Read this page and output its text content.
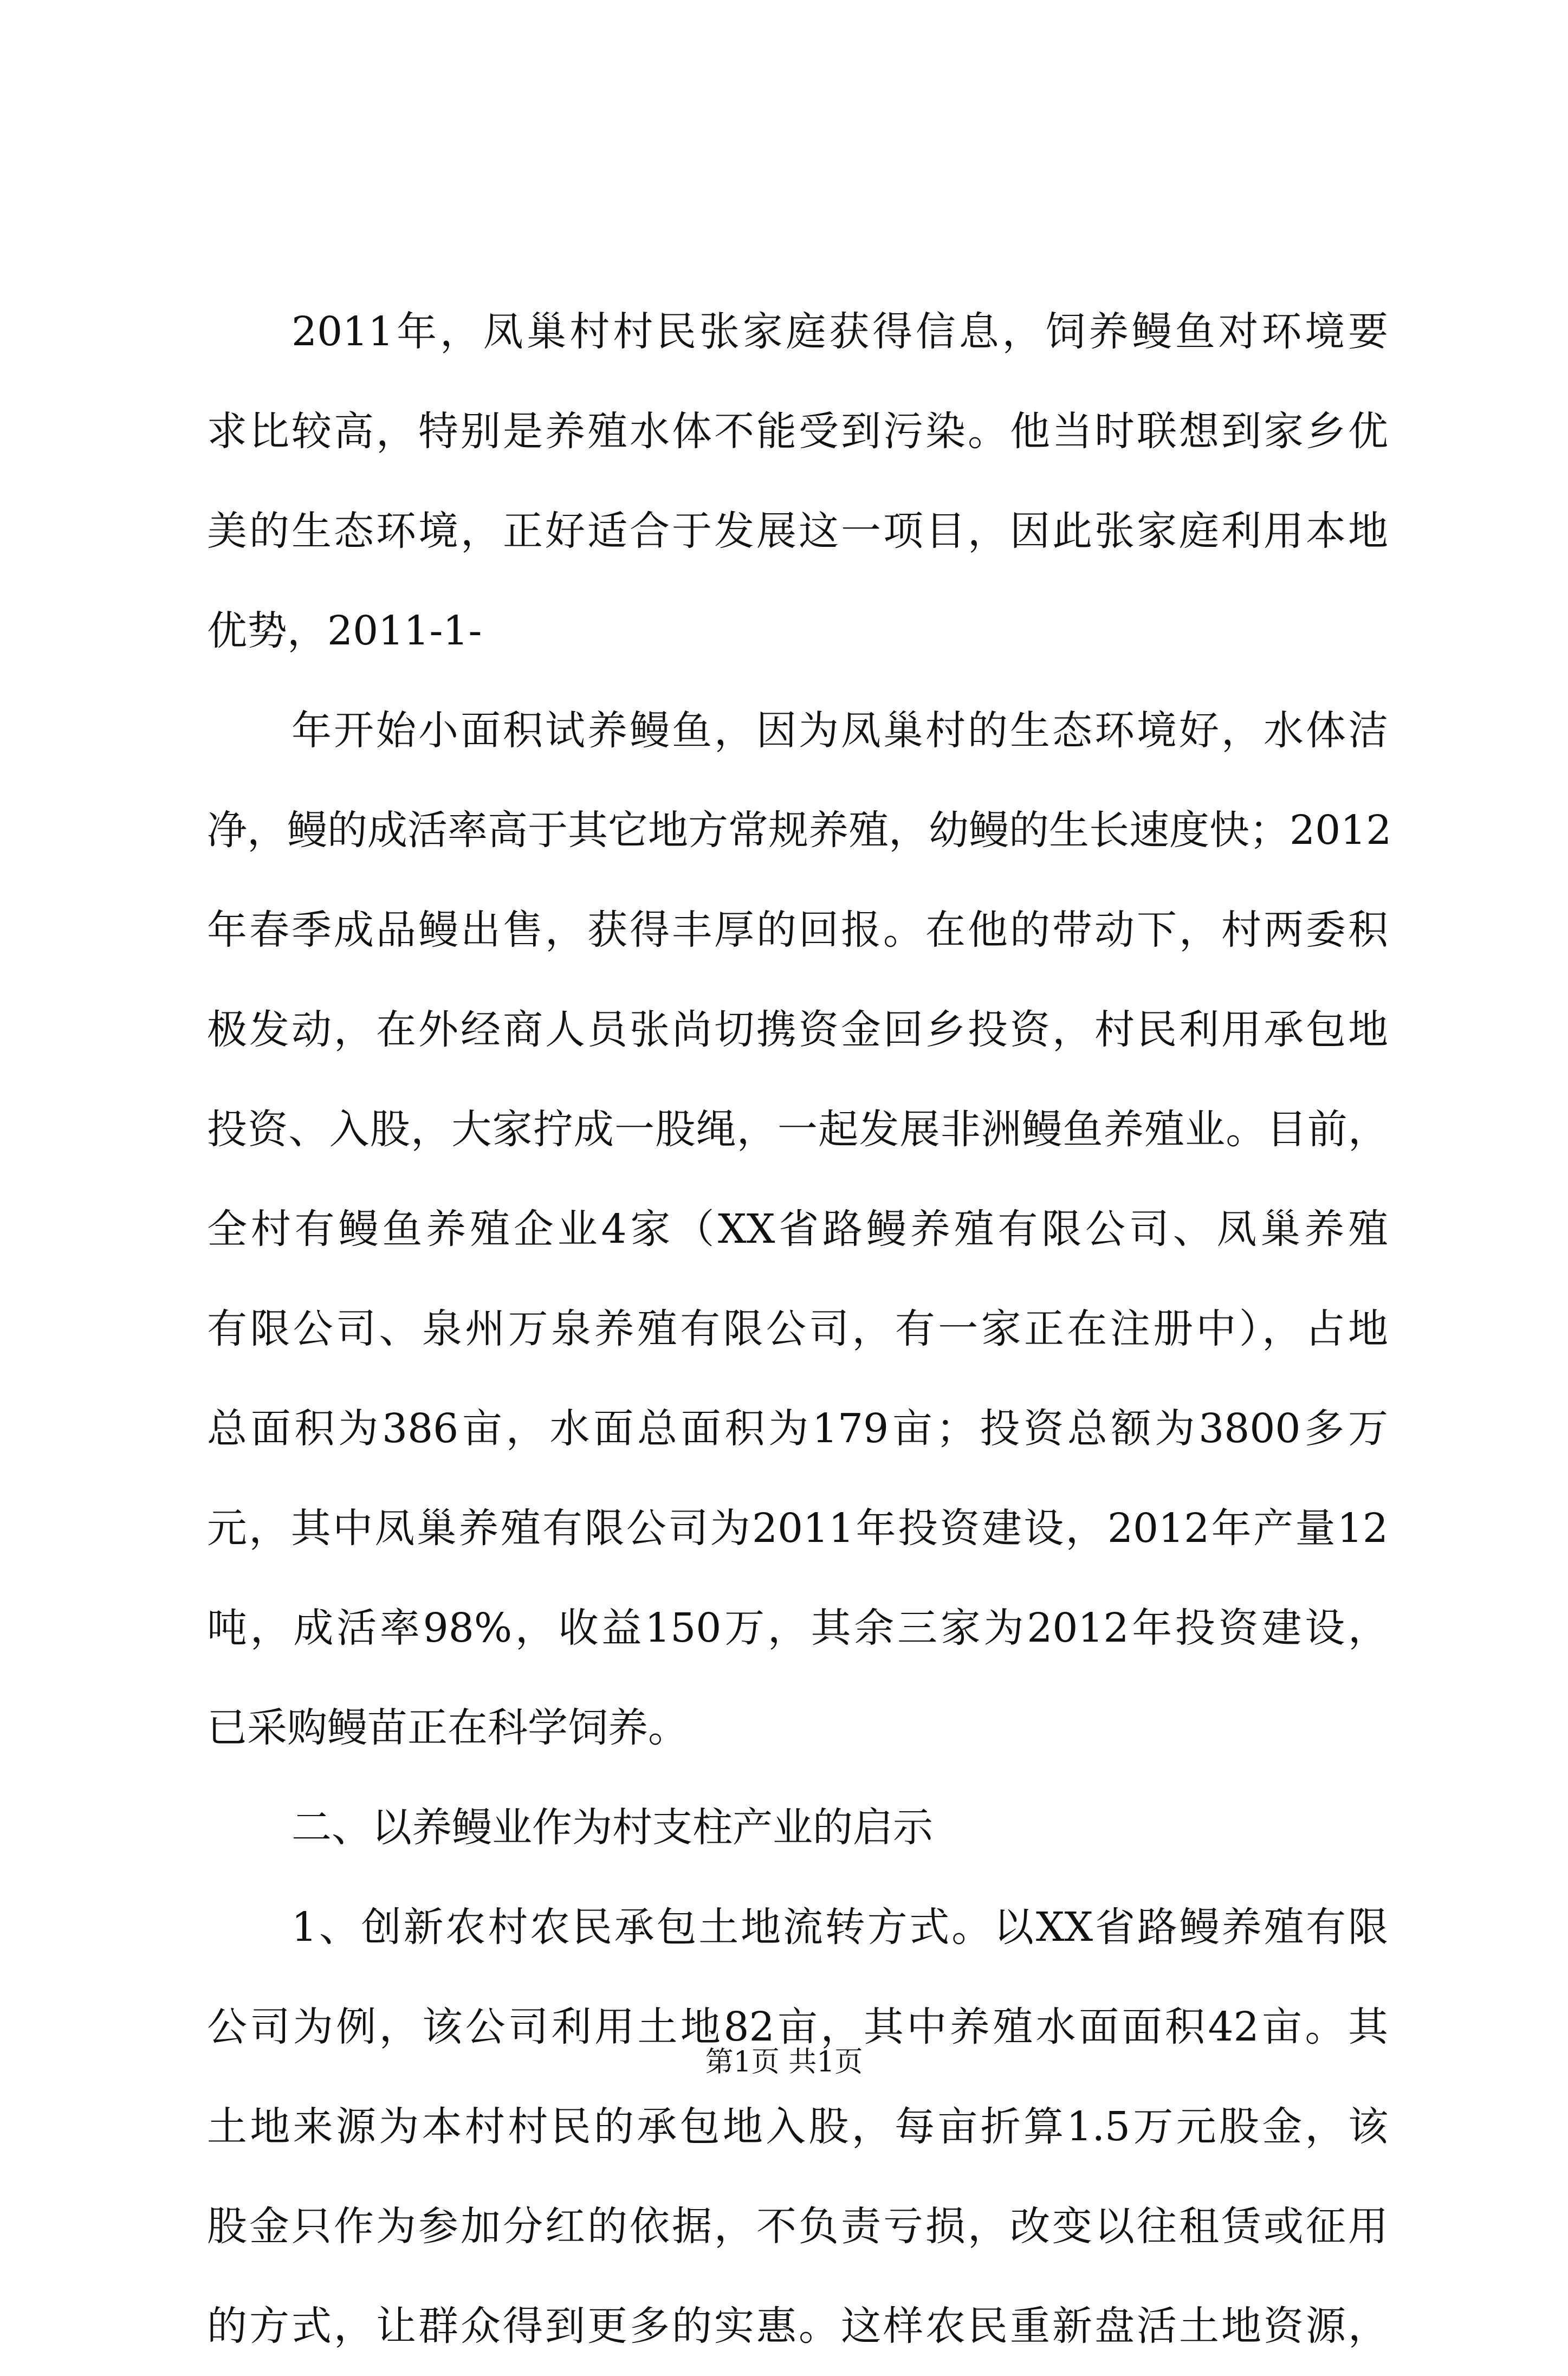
2011年，凤巢村村民张家庭获得信息，饲养鳗鱼对环境要
求比较高，特别是养殖水体不能受到污染。他当时联想到家乡优
美的生态环境，正好适合于发展这一项目，因此张家庭利用本地
优势，2011-1-
年开始小面积试养鳗鱼，因为凤巢村的生态环境好，水体洁
净，鳗的成活率高于其它地方常规养殖，幼鳗的生长速度快；2012
年春季成品鳗出售，获得丰厚的回报。在他的带动下，村两委积
极发动，在外经商人员张尚切携资金回乡投资，村民利用承包地
投资、入股，大家拧成一股绳，一起发展非洲鳗鱼养殖业。目前，
全村有鳗鱼养殖企业4家（XX省路鳗养殖有限公司、凤巢养殖
有限公司、泉州万泉养殖有限公司，有一家正在注册中），占地
总面积为386亩，水面总面积为179亩；投资总额为3800多万
元，其中凤巢养殖有限公司为2011年投资建设，2012年产量12
吨，成活率98%，收益150万，其余三家为2012年投资建设，
已采购鳗苗正在科学饲养。
二、以养鳗业作为村支柱产业的启示
1、创新农村农民承包土地流转方式。以XX省路鳗养殖有限
公司为例，该公司利用土地82亩，其中养殖水面面积42亩。其
土地来源为本村村民的承包地入股，每亩折算1.5万元股金，该
股金只作为参加分红的依据，不负责亏损，改变以往租赁或征用
的方式，让群众得到更多的实惠。这样农民重新盘活土地资源，
第1页 共1页
